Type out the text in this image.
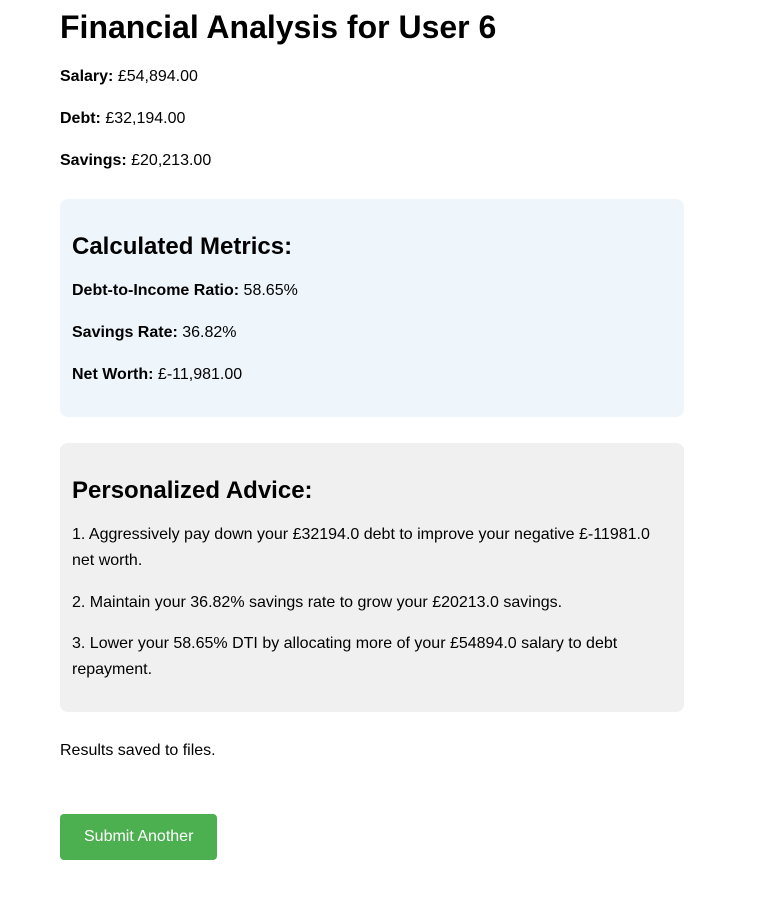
Financial Analysis for User 6

Salary: £54,894.00

Debt: £32,194.00

Savings: £20,213.00

Calculated Metrics:

Debt-to-Income Ratio: 58.65%

Savings Rate: 36.82%

Net Worth: £-11,981.00

Personalized Advice:

1. Aggressively pay down your £32194.0 debt to improve your negative £-11981.0 net worth.

2. Maintain your 36.82% savings rate to grow your £20213.0 savings.

3. Lower your 58.65% DTI by allocating more of your £54894.0 salary to debt repayment.

Results saved to files.

Submit Another
